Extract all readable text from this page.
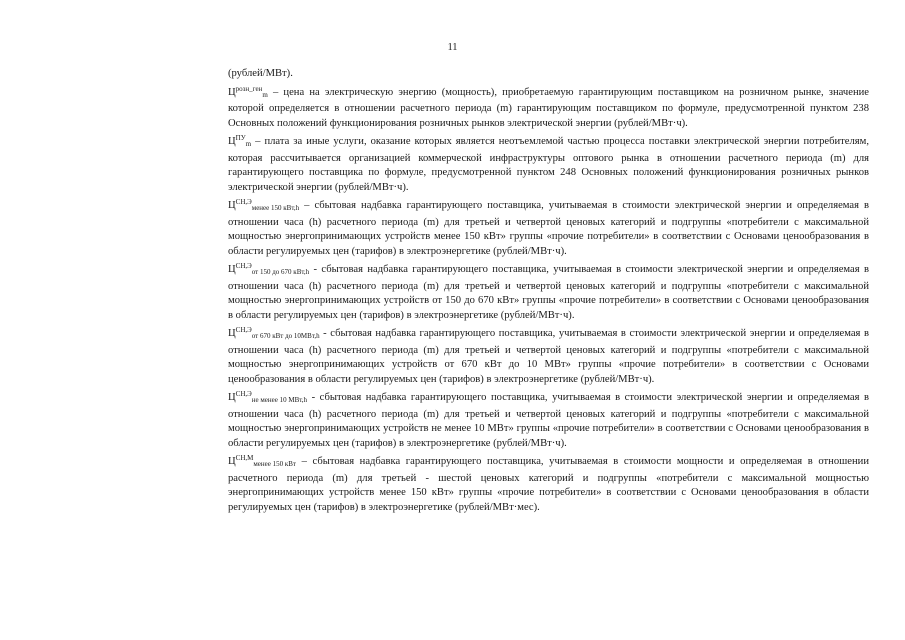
11

(рублей/МВт).

$Ц^{розн\_ген}_m$ – цена на электрическую энергию (мощность), приобретаемую гарантирующим поставщиком на розничном рынке, значение которой определяется в отношении расчетного периода (m) гарантирующим поставщиком по формуле, предусмотренной пунктом 238 Основных положений функционирования розничных рынков электрической энергии (рублей/МВт·ч).

$Ц^{ПУ}_m$ – плата за иные услуги, оказание которых является неотъемлемой частью процесса поставки электрической энергии потребителям, которая рассчитывается организацией коммерческой инфраструктуры оптового рынка в отношении расчетного периода (m) для гарантирующего поставщика по формуле, предусмотренной пунктом 248 Основных положений функционирования розничных рынков электрической энергии (рублей/МВт·ч).

$Ц^{СН,Э}_{менее 150 кВт,h}$ – сбытовая надбавка гарантирующего поставщика, учитываемая в стоимости электрической энергии и определяемая в отношении часа (h) расчетного периода (m) для третьей и четвертой ценовых категорий и подгруппы «потребители с максимальной мощностью энергопринимающих устройств менее 150 кВт» группы «прочие потребители» в соответствии с Основами ценообразования в области регулируемых цен (тарифов) в электроэнергетике (рублей/МВт·ч).

$Ц^{СН,Э}_{от 150 до 670 кВт,h}$ - сбытовая надбавка гарантирующего поставщика, учитываемая в стоимости электрической энергии и определяемая в отношении часа (h) расчетного периода (m) для третьей и четвертой ценовых категорий и подгруппы «потребители с максимальной мощностью энергопринимающих устройств от 150 до 670 кВт» группы «прочие потребители» в соответствии с Основами ценообразования в области регулируемых цен (тарифов) в электроэнергетике (рублей/МВт·ч).

$Ц^{СН,Э}_{от 670 кВт до 10МВт,h}$ - сбытовая надбавка гарантирующего поставщика, учитываемая в стоимости электрической энергии и определяемая в отношении часа (h) расчетного периода (m) для третьей и четвертой ценовых категорий и подгруппы «потребители с максимальной мощностью энергопринимающих устройств от 670 кВт до 10 МВт» группы «прочие потребители» в соответствии с Основами ценообразования в области регулируемых цен (тарифов) в электроэнергетике (рублей/МВт·ч).

$Ц^{СН,Э}_{не менее 10 МВт,h}$ - сбытовая надбавка гарантирующего поставщика, учитываемая в стоимости электрической энергии и определяемая в отношении часа (h) расчетного периода (m) для третьей и четвертой ценовых категорий и подгруппы «потребители с максимальной мощностью энергопринимающих устройств не менее 10 МВт» группы «прочие потребители» в соответствии с Основами ценообразования в области регулируемых цен (тарифов) в электроэнергетике (рублей/МВт·ч).

$Ц^{СН,М}_{менее 150 кВт}$ – сбытовая надбавка гарантирующего поставщика, учитываемая в стоимости мощности и определяемая в отношении расчетного периода (m) для третьей - шестой ценовых категорий и подгруппы «потребители с максимальной мощностью энергопринимающих устройств менее 150 кВт» группы «прочие потребители» в соответствии с Основами ценообразования в области регулируемых цен (тарифов) в электроэнергетике (рублей/МВт·мес).
